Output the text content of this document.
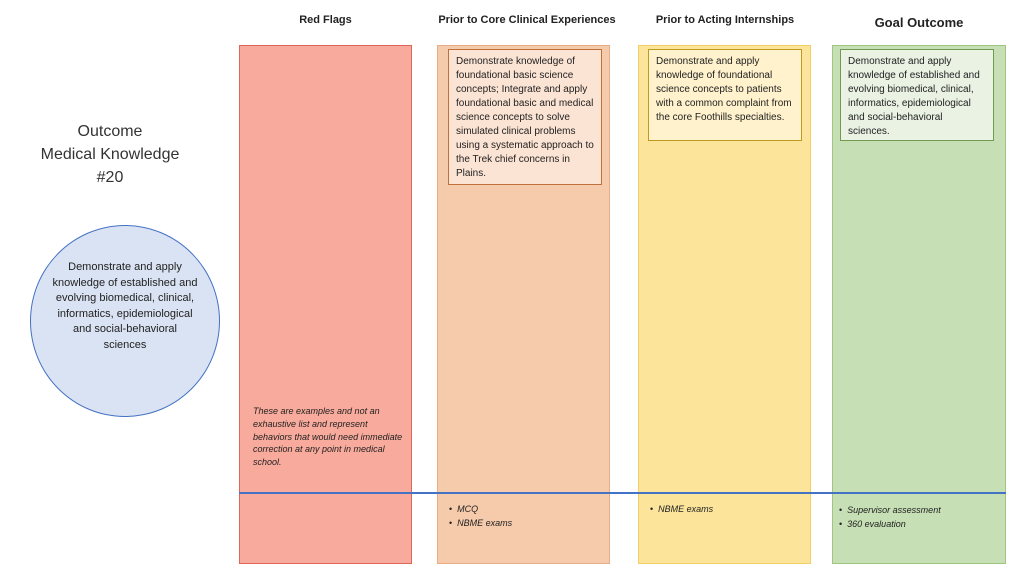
Red Flags	Prior to Core Clinical Experiences	Prior to Acting Internships	Goal Outcome
Demonstrate knowledge of foundational basic science concepts; Integrate and apply foundational basic and medical science concepts to solve simulated clinical problems using a systematic approach to the Trek chief concerns in Plains.
Demonstrate and apply knowledge of foundational science concepts to patients with a common complaint from the core Foothills specialties.
Demonstrate and apply knowledge of established and evolving biomedical, clinical, informatics, epidemiological and social-behavioral sciences.
Outcome
Medical Knowledge
#20
Demonstrate and apply knowledge of established and evolving biomedical, clinical, informatics, epidemiological and social-behavioral sciences
These are examples and not an exhaustive list and represent behaviors that would need immediate correction at any point in medical school.
• MCQ
• NBME exams
• NBME exams
•	Supervisor assessment
• 360 evaluation
